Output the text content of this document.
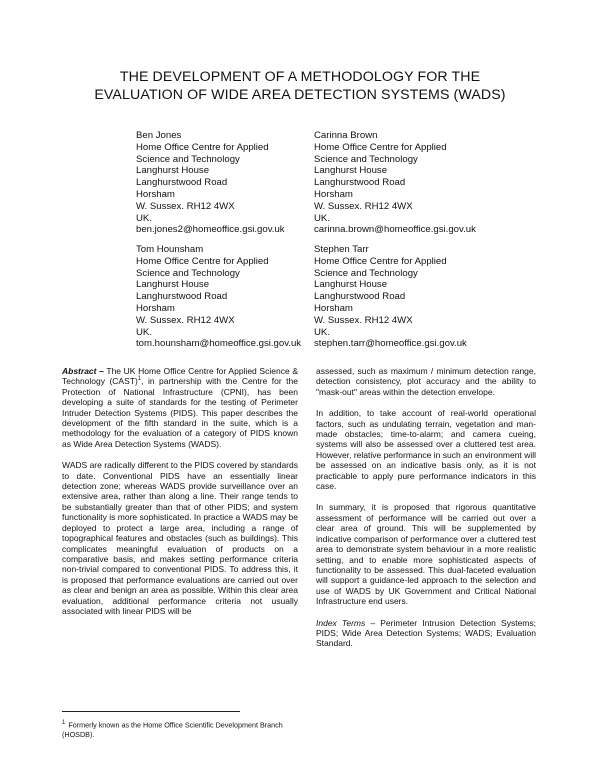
THE DEVELOPMENT OF A METHODOLOGY FOR THE
EVALUATION OF WIDE AREA DETECTION SYSTEMS (WADS)
Ben Jones
Home Office Centre for Applied
Science and Technology
Langhurst House
Langhurstwood Road
Horsham
W. Sussex. RH12 4WX
UK.
ben.jones2@homeoffice.gsi.gov.uk
Carinna Brown
Home Office Centre for Applied
Science and Technology
Langhurst House
Langhurstwood Road
Horsham
W. Sussex. RH12 4WX
UK.
carinna.brown@homeoffice.gsi.gov.uk
Tom Hounsham
Home Office Centre for Applied
Science and Technology
Langhurst House
Langhurstwood Road
Horsham
W. Sussex. RH12 4WX
UK.
tom.hounsham@homeoffice.gsi.gov.uk
Stephen Tarr
Home Office Centre for Applied
Science and Technology
Langhurst House
Langhurstwood Road
Horsham
W. Sussex. RH12 4WX
UK.
stephen.tarr@homeoffice.gsi.gov.uk

Abstract – The UK Home Office Centre for Applied Science & Technology (CAST)$^1$, in partnership with the Centre for the Protection of National Infrastructure (CPNI), has been developing a suite of standards for the testing of Perimeter Intruder Detection Systems (PIDS). This paper describes the development of the fifth standard in the suite, which is a methodology for the evaluation of a category of PIDS known as Wide Area Detection Systems (WADS).

WADS are radically different to the PIDS covered by standards to date. Conventional PIDS have an essentially linear detection zone; whereas WADS provide surveillance over an extensive area, rather than along a line. Their range tends to be substantially greater than that of other PIDS; and system functionality is more sophisticated. In practice a WADS may be deployed to protect a large area, including a range of topographical features and obstacles (such as buildings). This complicates meaningful evaluation of products on a comparative basis, and makes setting performance criteria non-trivial compared to conventional PIDS. To address this, it is proposed that performance evaluations are carried out over as clear and benign an area as possible. Within this clear area evaluation, additional performance criteria not usually associated with linear PIDS will be

$^1$ Formerly known as the Home Office Scientific Development Branch (HOSDB).

assessed, such as maximum / minimum detection range, detection consistency, plot accuracy and the ability to "mask-out" areas within the detection envelope.

In addition, to take account of real-world operational factors, such as undulating terrain, vegetation and man-made obstacles; time-to-alarm; and camera cueing, systems will also be assessed over a cluttered test area. However, relative performance in such an environment will be assessed on an indicative basis only, as it is not practicable to apply pure performance indicators in this case.

In summary, it is proposed that rigorous quantitative assessment of performance will be carried out over a clear area of ground. This will be supplemented by indicative comparison of performance over a cluttered test area to demonstrate system behaviour in a more realistic setting, and to enable more sophisticated aspects of functionality to be assessed. This dual-faceted evaluation will support a guidance-led approach to the selection and use of WADS by UK Government and Critical National Infrastructure end users.

Index Terms – Perimeter Intrusion Detection Systems; PIDS; Wide Area Detection Systems; WADS; Evaluation Standard.
